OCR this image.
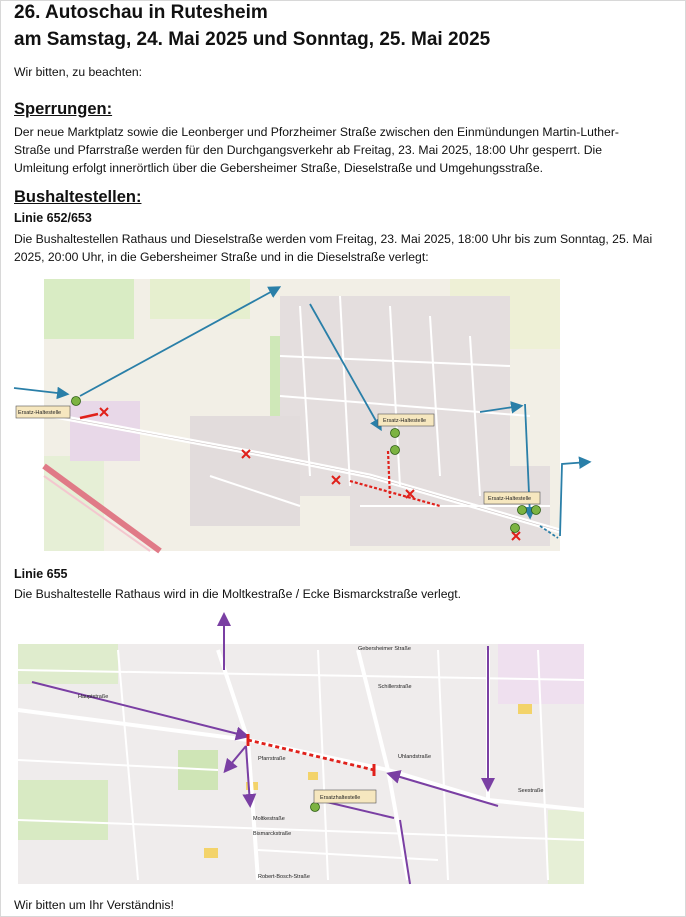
26. Autoschau in Rutesheim
am Samstag, 24. Mai 2025 und Sonntag, 25. Mai 2025

Wir bitten, zu beachten:

Sperrungen:

Der neue Marktplatz sowie die Leonberger und Pforzheimer Straße zwischen den Einmündungen Martin-Luther-

Straße und Pfarrstraße werden für den Durchgangsverkehr ab Freitag, 23. Mai 2025, 18:00 Uhr gesperrt. Die

Umleitung erfolgt innerörtlich über die Gebersheimer Straße, Dieselstraße und Umgehungsstraße.

Bushaltestellen:

Linie 652/653

Die Bushaltestellen Rathaus und Dieselstraße werden vom Freitag, 23. Mai 2025, 18:00 Uhr bis zum Sonntag, 25. Mai

2025, 20:00 Uhr, in die Gebersheimer Straße und in die Dieselstraße verlegt:

Ersatz-Haltestelle
Ersatz-Haltestelle
Ersatz-Haltestelle

Linie 655

Die Bushaltestelle Rathaus wird in die Moltkestraße / Ecke Bismarckstraße verlegt.

Ersatzhaltestelle
Gebersheimer Straße
Schillerstraße
Moltkestraße
Bismarckstraße
Pfarrstraße
Hauptstraße
Uhlandstraße
Seestraße
Robert-Bosch-Straße

Wir bitten um Ihr Verständnis!
